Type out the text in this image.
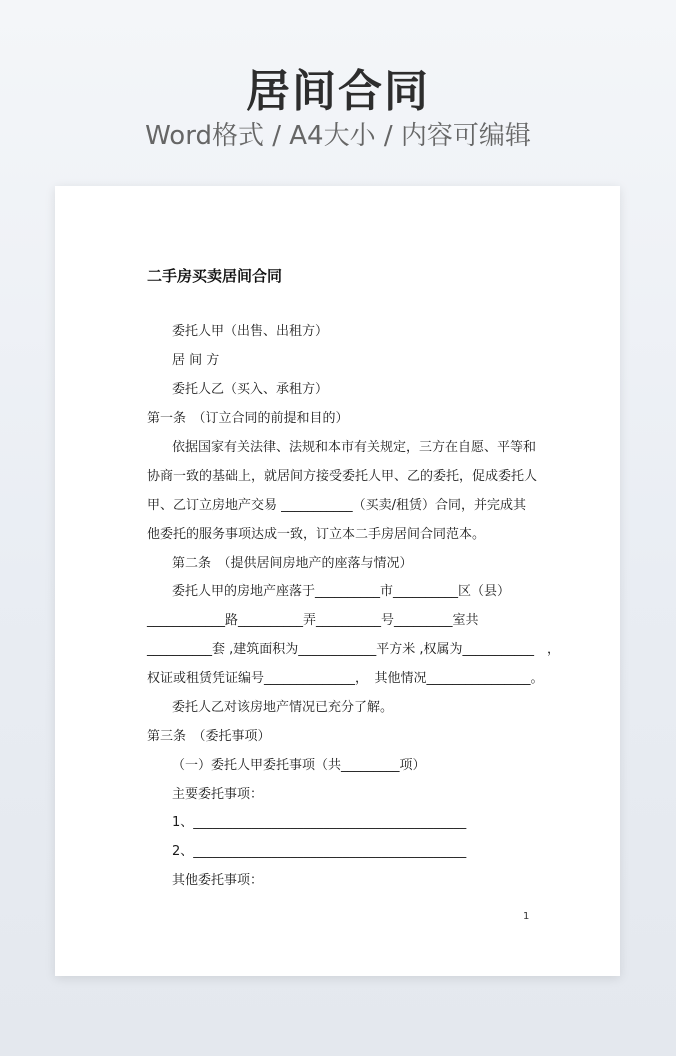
居间合同
Word格式 / A4大小 / 内容可编辑
二手房买卖居间合同
委托人甲（出售、出租方）
居 间 方
委托人乙（买入、承租方）
第一条　（订立合同的前提和目的）
依据国家有关法律、法规和本市有关规定，三方在自愿、平等和
协商一致的基础上，就居间方接受委托人甲、乙的委托，促成委托人
甲、乙订立房地产交易 ___________（买卖/租赁）合同，并完成其
他委托的服务事项达成一致，订立本二手房居间合同范本。
第二条　（提供居间房地产的座落与情况）
委托人甲的房地产座落于__________市__________区（县）
____________路__________弄__________号_________室共
__________套 ,建筑面积为____________平方米 ,权属为___________　，
权证或租赁凭证编号______________，　其他情况________________。
委托人乙对该房地产情况已充分了解。
第三条　（委托事项）
（一）委托人甲委托事项（共_________项）
主要委托事项：
1、__________________________________________
2、__________________________________________
其他委托事项：
1
